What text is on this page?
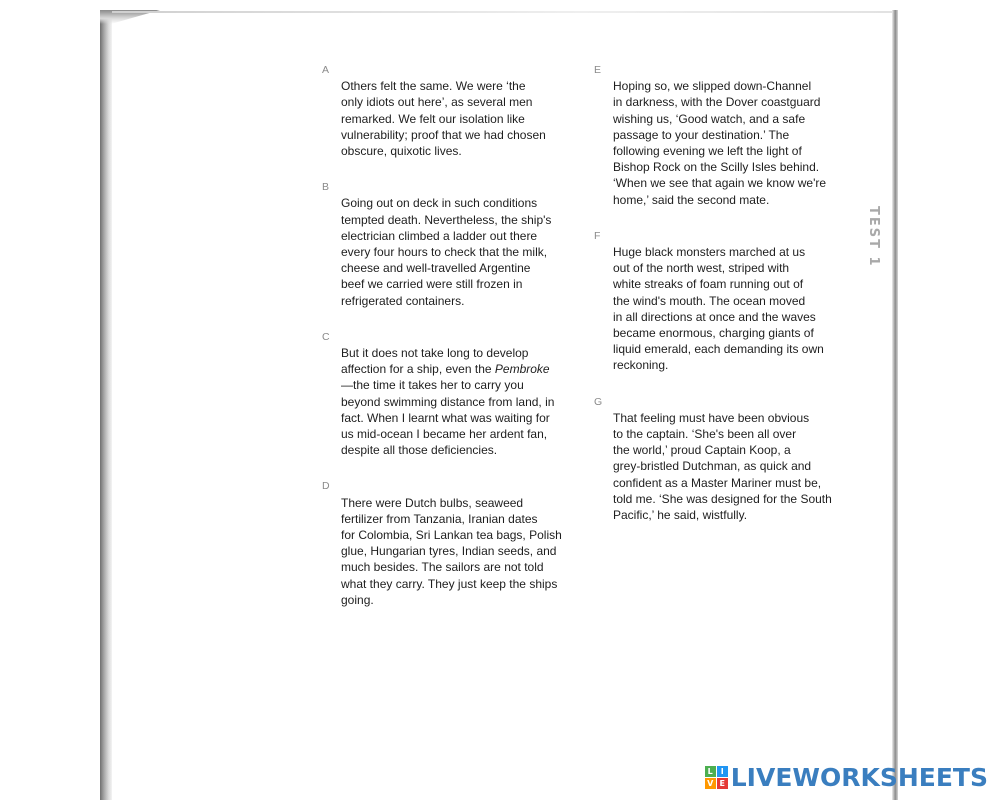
A
Others felt the same. We were ‘the
only idiots out here’, as several men
remarked. We felt our isolation like
vulnerability; proof that we had chosen
obscure, quixotic lives.

B
Going out on deck in such conditions
tempted death. Nevertheless, the ship's
electrician climbed a ladder out there
every four hours to check that the milk,
cheese and well-travelled Argentine
beef we carried were still frozen in
refrigerated containers.

C
But it does not take long to develop
affection for a ship, even the Pembroke
—the time it takes her to carry you
beyond swimming distance from land, in
fact. When I learnt what was waiting for
us mid-ocean I became her ardent fan,
despite all those deficiencies.

D
There were Dutch bulbs, seaweed
fertilizer from Tanzania, Iranian dates
for Colombia, Sri Lankan tea bags, Polish
glue, Hungarian tyres, Indian seeds, and
much besides. The sailors are not told
what they carry. They just keep the ships
going.

E
Hoping so, we slipped down-Channel
in darkness, with the Dover coastguard
wishing us, ‘Good watch, and a safe
passage to your destination.’ The
following evening we left the light of
Bishop Rock on the Scilly Isles behind.
‘When we see that again we know we're
home,’ said the second mate.

F
Huge black monsters marched at us
out of the north west, striped with
white streaks of foam running out of
the wind's mouth. The ocean moved
in all directions at once and the waves
became enormous, charging giants of
liquid emerald, each demanding its own
reckoning.

G
That feeling must have been obvious
to the captain. ‘She's been all over
the world,’ proud Captain Koop, a
grey-bristled Dutchman, as quick and
confident as a Master Mariner must be,
told me. ‘She was designed for the South
Pacific,’ he said, wistfully.

TEST 1
L I
V E LIVEWORKSHEETS
